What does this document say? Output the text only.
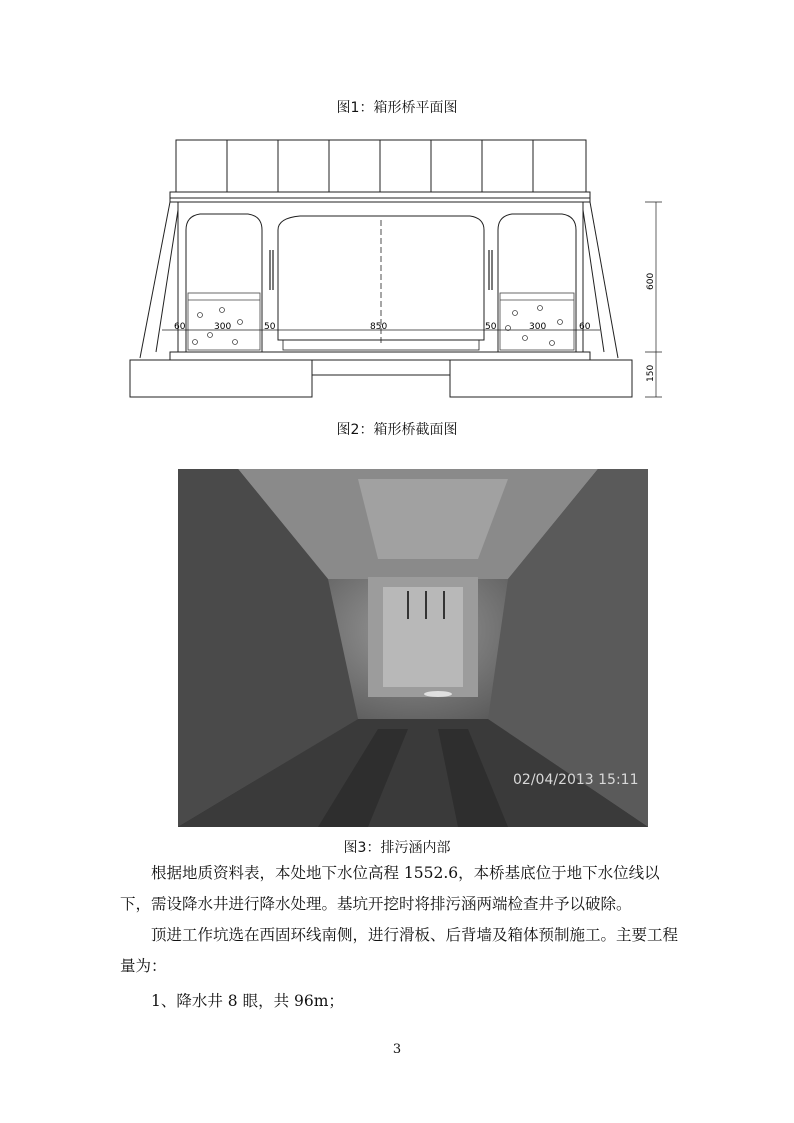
图1：箱形桥平面图
60	300	50	850	50	300	60
600
150
图2：箱形桥截面图
02/04/2013 15:11
图3：排污涵内部

根据地质资料表，本处地下水位高程 1552.6，本桥基底位于地下水位线以下，需设降水井进行降水处理。基坑开挖时将排污涵两端检查井予以破除。

顶进工作坑选在西固环线南侧，进行滑板、后背墙及箱体预制施工。主要工程量为：

1、降水井 8 眼，共 96m；

3
